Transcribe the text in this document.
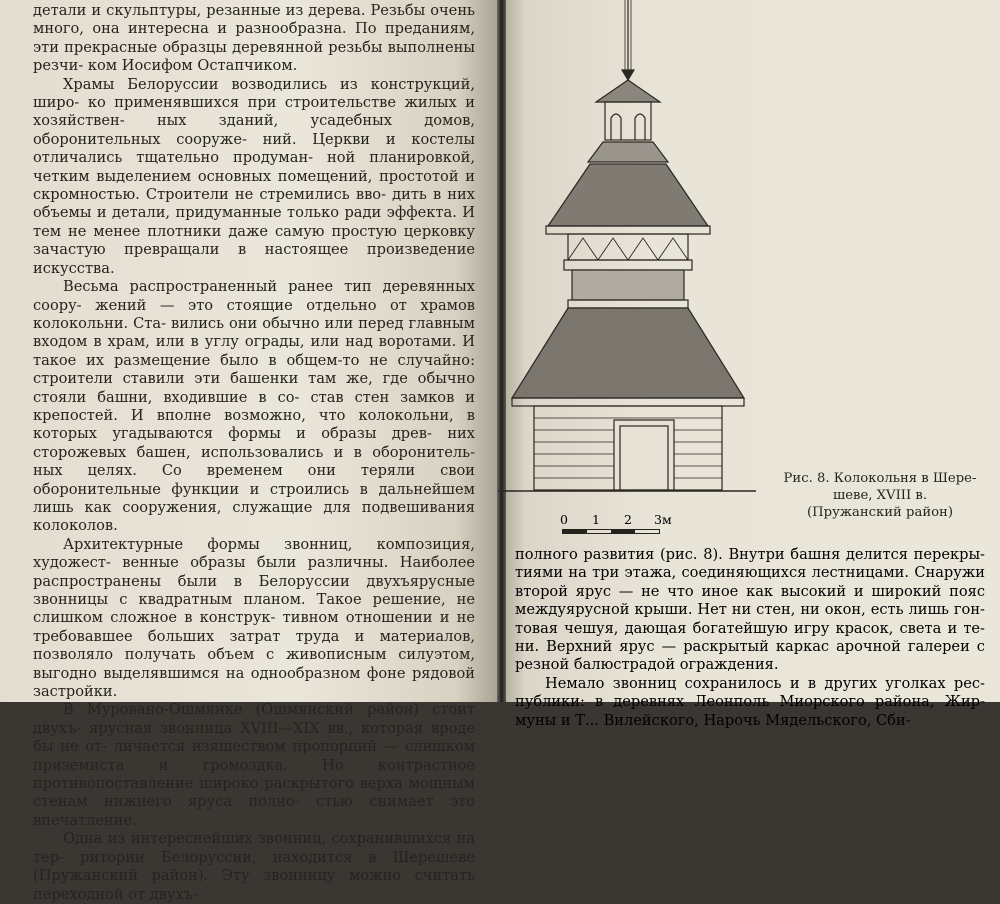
детали и скульптуры, резанные из дерева. Резьбы очень много, она интересна и разнообразна. По преданиям, эти прекрасные образцы деревянной резьбы выполнены резчи- ком Иосифом Остапчиком.
Храмы Белоруссии возводились из конструкций, широ- ко применявшихся при строительстве жилых и хозяйствен- ных зданий, усадебных домов, оборонительных сооруже- ний. Церкви и костелы отличались тщательно продуман- ной планировкой, четким выделением основных помещений, простотой и скромностью. Строители не стремились вво- дить в них объемы и детали, придуманные только ради эффекта. И тем не менее плотники даже самую простую церковку зачастую превращали в настоящее произведение искусства.
Весьма распространенный ранее тип деревянных соору- жений — это стоящие отдельно от храмов колокольни. Ста- вились они обычно или перед главным входом в храм, или в углу ограды, или над воротами. И такое их размещение было в общем-то не случайно: строители ставили эти башенки там же, где обычно стояли башни, входившие в со- став стен замков и крепостей. И вполне возможно, что колокольни, в которых угадываются формы и образы древ- них сторожевых башен, использовались и в оборонитель- ных целях. Со временем они теряли свои оборонительные функции и строились в дальнейшем лишь как сооружения, служащие для подвешивания колоколов.
Архитектурные формы звонниц, композиция, художест- венные образы были различны. Наиболее распространены были в Белоруссии двухъярусные звонницы с квадратным планом. Такое решение, не слишком сложное в конструк- тивном отношении и не требовавшее больших затрат труда и материалов, позволяло получать объем с живописным силуэтом, выгодно выделявшимся на однообразном фоне рядовой застройки.
В Мурованo-Ошмянке (Ошмянский район) стоит двухъ- ярусная звонница XVIII—XIX вв., которая вроде бы не от- личается изяществом пропорций — слишком приземиста и громоздка. Но контрастное противопоставление широко раскрытого верха мощным стенам нижнего яруса полно- стью снимает это впечатление.
Одна из интереснейших звонниц, сохранившихся на тер- ритории Белоруссии, находится в Шерешеве (Пружанский район). Эту звонницу можно считать переходной от двухъ-
0 1 2 3м
Рис. 8. Колокольня в Шере-
шеве, XVIII в.
(Пружанский район)
полного развития (рис. 8). Внутри башня делится перекры- тиями на три этажа, соединяющихся лестницами. Снаружи второй ярус — не что иное как высокий и широкий пояс междуярусной крыши. Нет ни стен, ни окон, есть лишь гон- товая чешуя, дающая богатейшую игру красок, света и те- ни. Верхний ярус — раскрытый каркас арочной галереи с резной балюстрадой ограждения.
Немало звонниц сохранилось и в других уголках рес- публики: в деревнях Леонполь Миорского района, Жир- муны и Т... Вилейского, Нарочь Мядельского, Сби-
